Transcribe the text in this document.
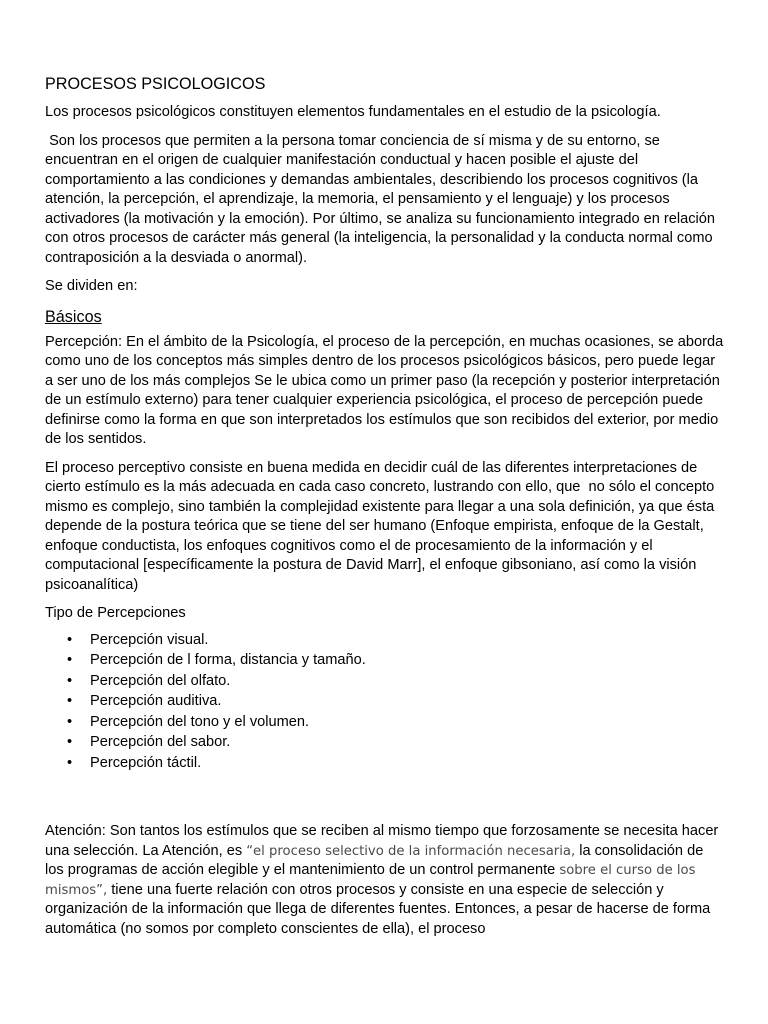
PROCESOS PSICOLOGICOS

Los procesos psicológicos constituyen elementos fundamentales en el estudio de la psicología.

Son los procesos que permiten a la persona tomar conciencia de sí misma y de su entorno, se encuentran en el origen de cualquier manifestación conductual y hacen posible el ajuste del comportamiento a las condiciones y demandas ambientales, describiendo los procesos cognitivos (la atención, la percepción, el aprendizaje, la memoria, el pensamiento y el lenguaje) y los procesos activadores (la motivación y la emoción). Por último, se analiza su funcionamiento integrado en relación con otros procesos de carácter más general (la inteligencia, la personalidad y la conducta normal como contraposición a la desviada o anormal).

Se dividen en:

Básicos

Percepción: En el ámbito de la Psicología, el proceso de la percepción, en muchas ocasiones, se aborda como uno de los conceptos más simples dentro de los procesos psicológicos básicos, pero puede legar a ser uno de los más complejos Se le ubica como un primer paso (la recepción y posterior interpretación de un estímulo externo) para tener cualquier experiencia psicológica, el proceso de percepción puede definirse como la forma en que son interpretados los estímulos que son recibidos del exterior, por medio de los sentidos.

El proceso perceptivo consiste en buena medida en decidir cuál de las diferentes interpretaciones de cierto estímulo es la más adecuada en cada caso concreto, lustrando con ello, que  no sólo el concepto mismo es complejo, sino también la complejidad existente para llegar a una sola definición, ya que ésta depende de la postura teórica que se tiene del ser humano (Enfoque empirista, enfoque de la Gestalt, enfoque conductista, los enfoques cognitivos como el de procesamiento de la información y el computacional [específicamente la postura de David Marr], el enfoque gibsoniano, así como la visión psicoanalítica)

Tipo de Percepciones

• Percepción visual.
• Percepción de l forma, distancia y tamaño.
• Percepción del olfato.
• Percepción auditiva.
• Percepción del tono y el volumen.
• Percepción del sabor.
• Percepción táctil.

Atención: Son tantos los estímulos que se reciben al mismo tiempo que forzosamente se necesita hacer una selección. La Atención, es “el proceso selectivo de la información necesaria, la consolidación de los programas de acción elegible y el mantenimiento de un control permanente sobre el curso de los mismos”, tiene una fuerte relación con otros procesos y consiste en una especie de selección y organización de la información que llega de diferentes fuentes. Entonces, a pesar de hacerse de forma automática (no somos por completo conscientes de ella), el proceso
